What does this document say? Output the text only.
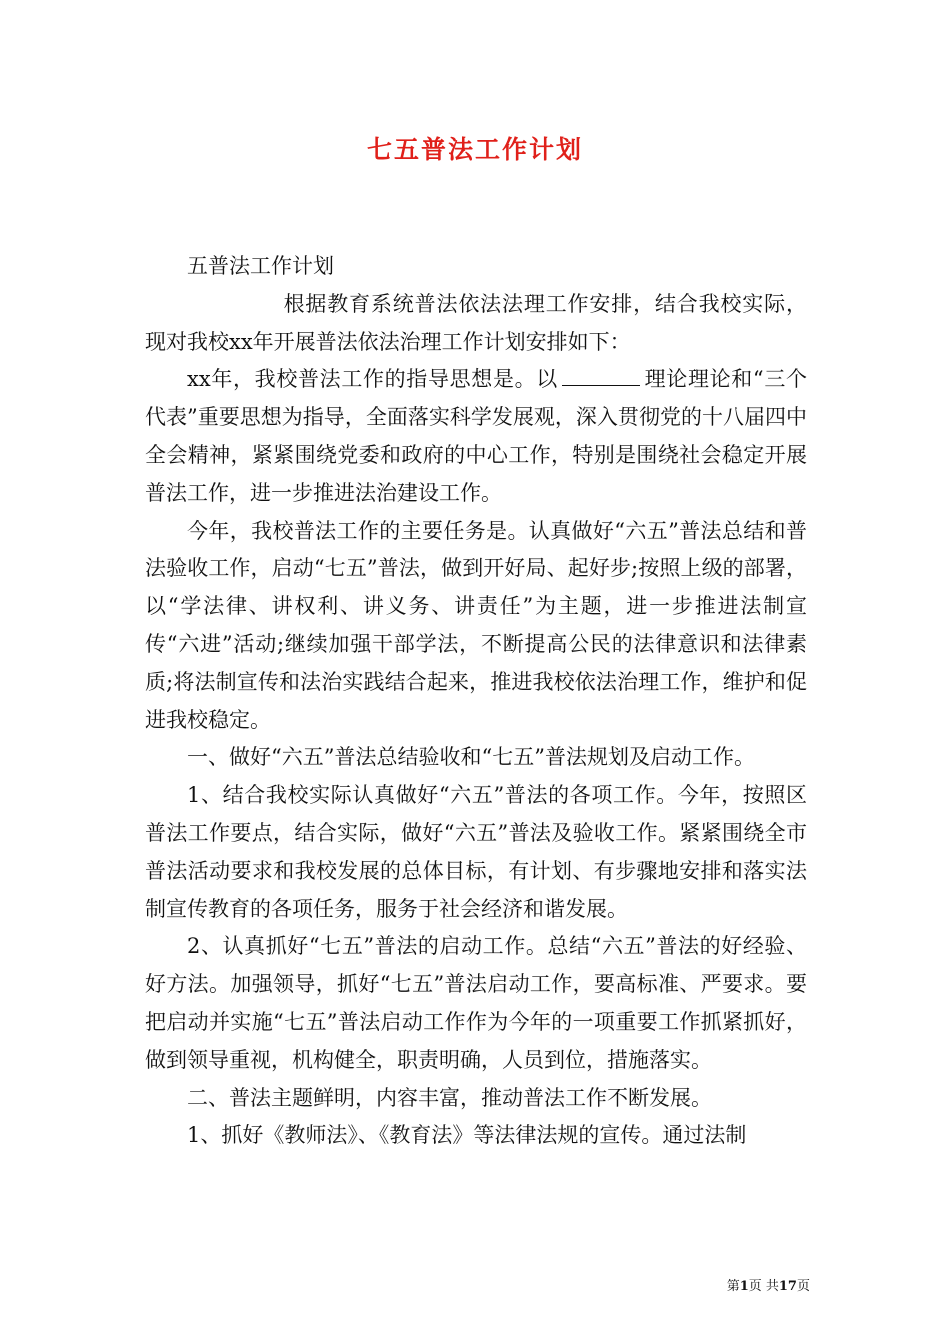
七五普法工作计划

五普法工作计划

根据教育系统普法依法法理工作安排，结合我校实际，现对我校xx年开展普法依法治理工作计划安排如下：

xx年，我校普法工作的指导思想是。以	理论理论和“三个代表”重要思想为指导，全面落实科学发展观，深入贯彻党的十八届四中全会精神，紧紧围绕党委和政府的中心工作，特别是围绕社会稳定开展普法工作，进一步推进法治建设工作。

今年，我校普法工作的主要任务是。认真做好“六五”普法总结和普法验收工作，启动“七五”普法，做到开好局、起好步;按照上级的部署，以“学法律、讲权利、讲义务、讲责任”为主题，进一步推进法制宣传“六进”活动;继续加强干部学法，不断提高公民的法律意识和法律素质;将法制宣传和法治实践结合起来，推进我校依法治理工作，维护和促进我校稳定。

一、做好“六五”普法总结验收和“七五”普法规划及启动工作。

1、结合我校实际认真做好“六五”普法的各项工作。今年，按照区普法工作要点，结合实际，做好“六五”普法及验收工作。紧紧围绕全市普法活动要求和我校发展的总体目标，有计划、有步骤地安排和落实法制宣传教育的各项任务，服务于社会经济和谐发展。

2、认真抓好“七五”普法的启动工作。总结“六五”普法的好经验、好方法。加强领导，抓好“七五”普法启动工作，要高标准、严要求。要把启动并实施“七五”普法启动工作作为今年的一项重要工作抓紧抓好，做到领导重视，机构健全，职责明确，人员到位，措施落实。

二、普法主题鲜明，内容丰富，推动普法工作不断发展。

1、抓好《教师法》、《教育法》等法律法规的宣传。通过法制

第1页 共17页
